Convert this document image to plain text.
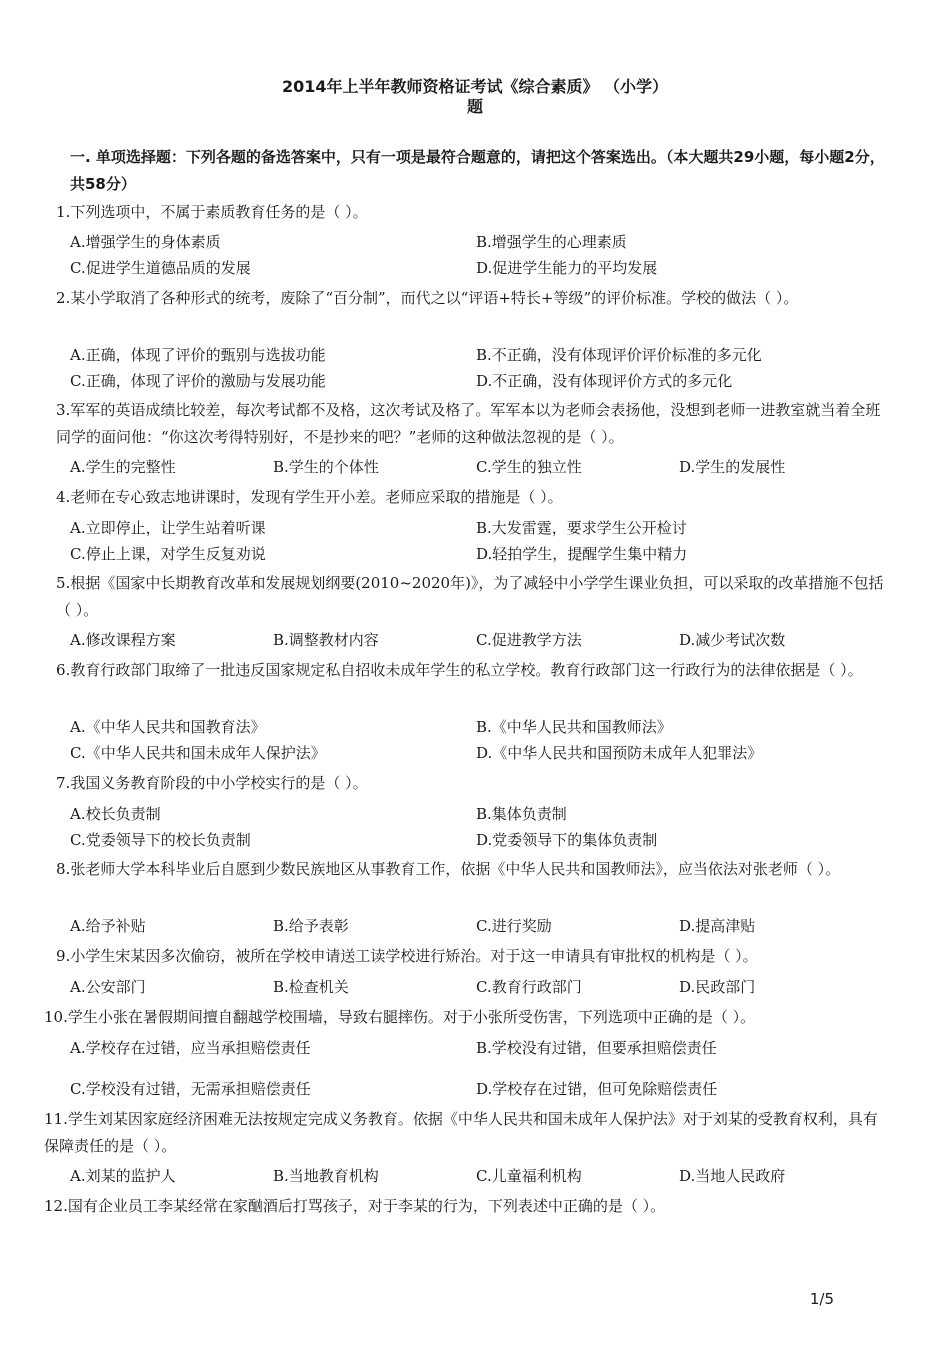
2014年上半年教师资格证考试《综合素质》 （小学）
题
一. 单项选择题：下列各题的备选答案中，只有一项是最符合题意的，请把这个答案选出。（本大题共29小题，每小题2分，共58分）
1.下列选项中，不属于素质教育任务的是（ ）。
A.增强学生的身体素质	B.增强学生的心理素质
C.促进学生道德品质的发展	D.促进学生能力的平均发展
2.某小学取消了各种形式的统考，废除了“百分制”，而代之以“评语+特长+等级”的评价标准。学校的做法（ ）。
A.正确，体现了评价的甄别与选拔功能	B.不正确，没有体现评价评价标准的多元化
C.正确，体现了评价的激励与发展功能	D.不正确，没有体现评价方式的多元化
3.军军的英语成绩比较差，每次考试都不及格，这次考试及格了。军军本以为老师会表扬他，没想到老师一进教室就当着全班同学的面问他：“你这次考得特别好，不是抄来的吧？”老师的这种做法忽视的是（ ）。
A.学生的完整性	B.学生的个体性	C.学生的独立性	D.学生的发展性
4.老师在专心致志地讲课时，发现有学生开小差。老师应采取的措施是（ ）。
A.立即停止，让学生站着听课	B.大发雷霆，要求学生公开检讨
C.停止上课，对学生反复劝说	D.轻拍学生，提醒学生集中精力
5.根据《国家中长期教育改革和发展规划纲要(2010~2020年)》，为了减轻中小学学生课业负担，可以采取的改革措施不包括（ ）。
A.修改课程方案	B.调整教材内容	C.促进教学方法	D.减少考试次数
6.教育行政部门取缔了一批违反国家规定私自招收未成年学生的私立学校。教育行政部门这一行政行为的法律依据是（ ）。
A.《中华人民共和国教育法》	B.《中华人民共和国教师法》
C.《中华人民共和国未成年人保护法》	D.《中华人民共和国预防未成年人犯罪法》
7.我国义务教育阶段的中小学校实行的是（ ）。
A.校长负责制	B.集体负责制
C.党委领导下的校长负责制	D.党委领导下的集体负责制
8.张老师大学本科毕业后自愿到少数民族地区从事教育工作，依据《中华人民共和国教师法》，应当依法对张老师（ ）。
A.给予补贴	B.给予表彰	C.进行奖励	D.提高津贴
9.小学生宋某因多次偷窃，被所在学校申请送工读学校进行矫治。对于这一申请具有审批权的机构是（ ）。
A.公安部门	B.检查机关	C.教育行政部门	D.民政部门
10.学生小张在暑假期间擅自翻越学校围墙，导致右腿摔伤。对于小张所受伤害，下列选项中正确的是（ ）。
A.学校存在过错，应当承担赔偿责任	B.学校没有过错，但要承担赔偿责任
C.学校没有过错，无需承担赔偿责任	D.学校存在过错，但可免除赔偿责任
11.学生刘某因家庭经济困难无法按规定完成义务教育。依据《中华人民共和国未成年人保护法》对于刘某的受教育权利，具有保障责任的是（ ）。
A.刘某的监护人	B.当地教育机构	C.儿童福利机构	D.当地人民政府
12.国有企业员工李某经常在家酗酒后打骂孩子，对于李某的行为，下列表述中正确的是（ ）。
1/5
